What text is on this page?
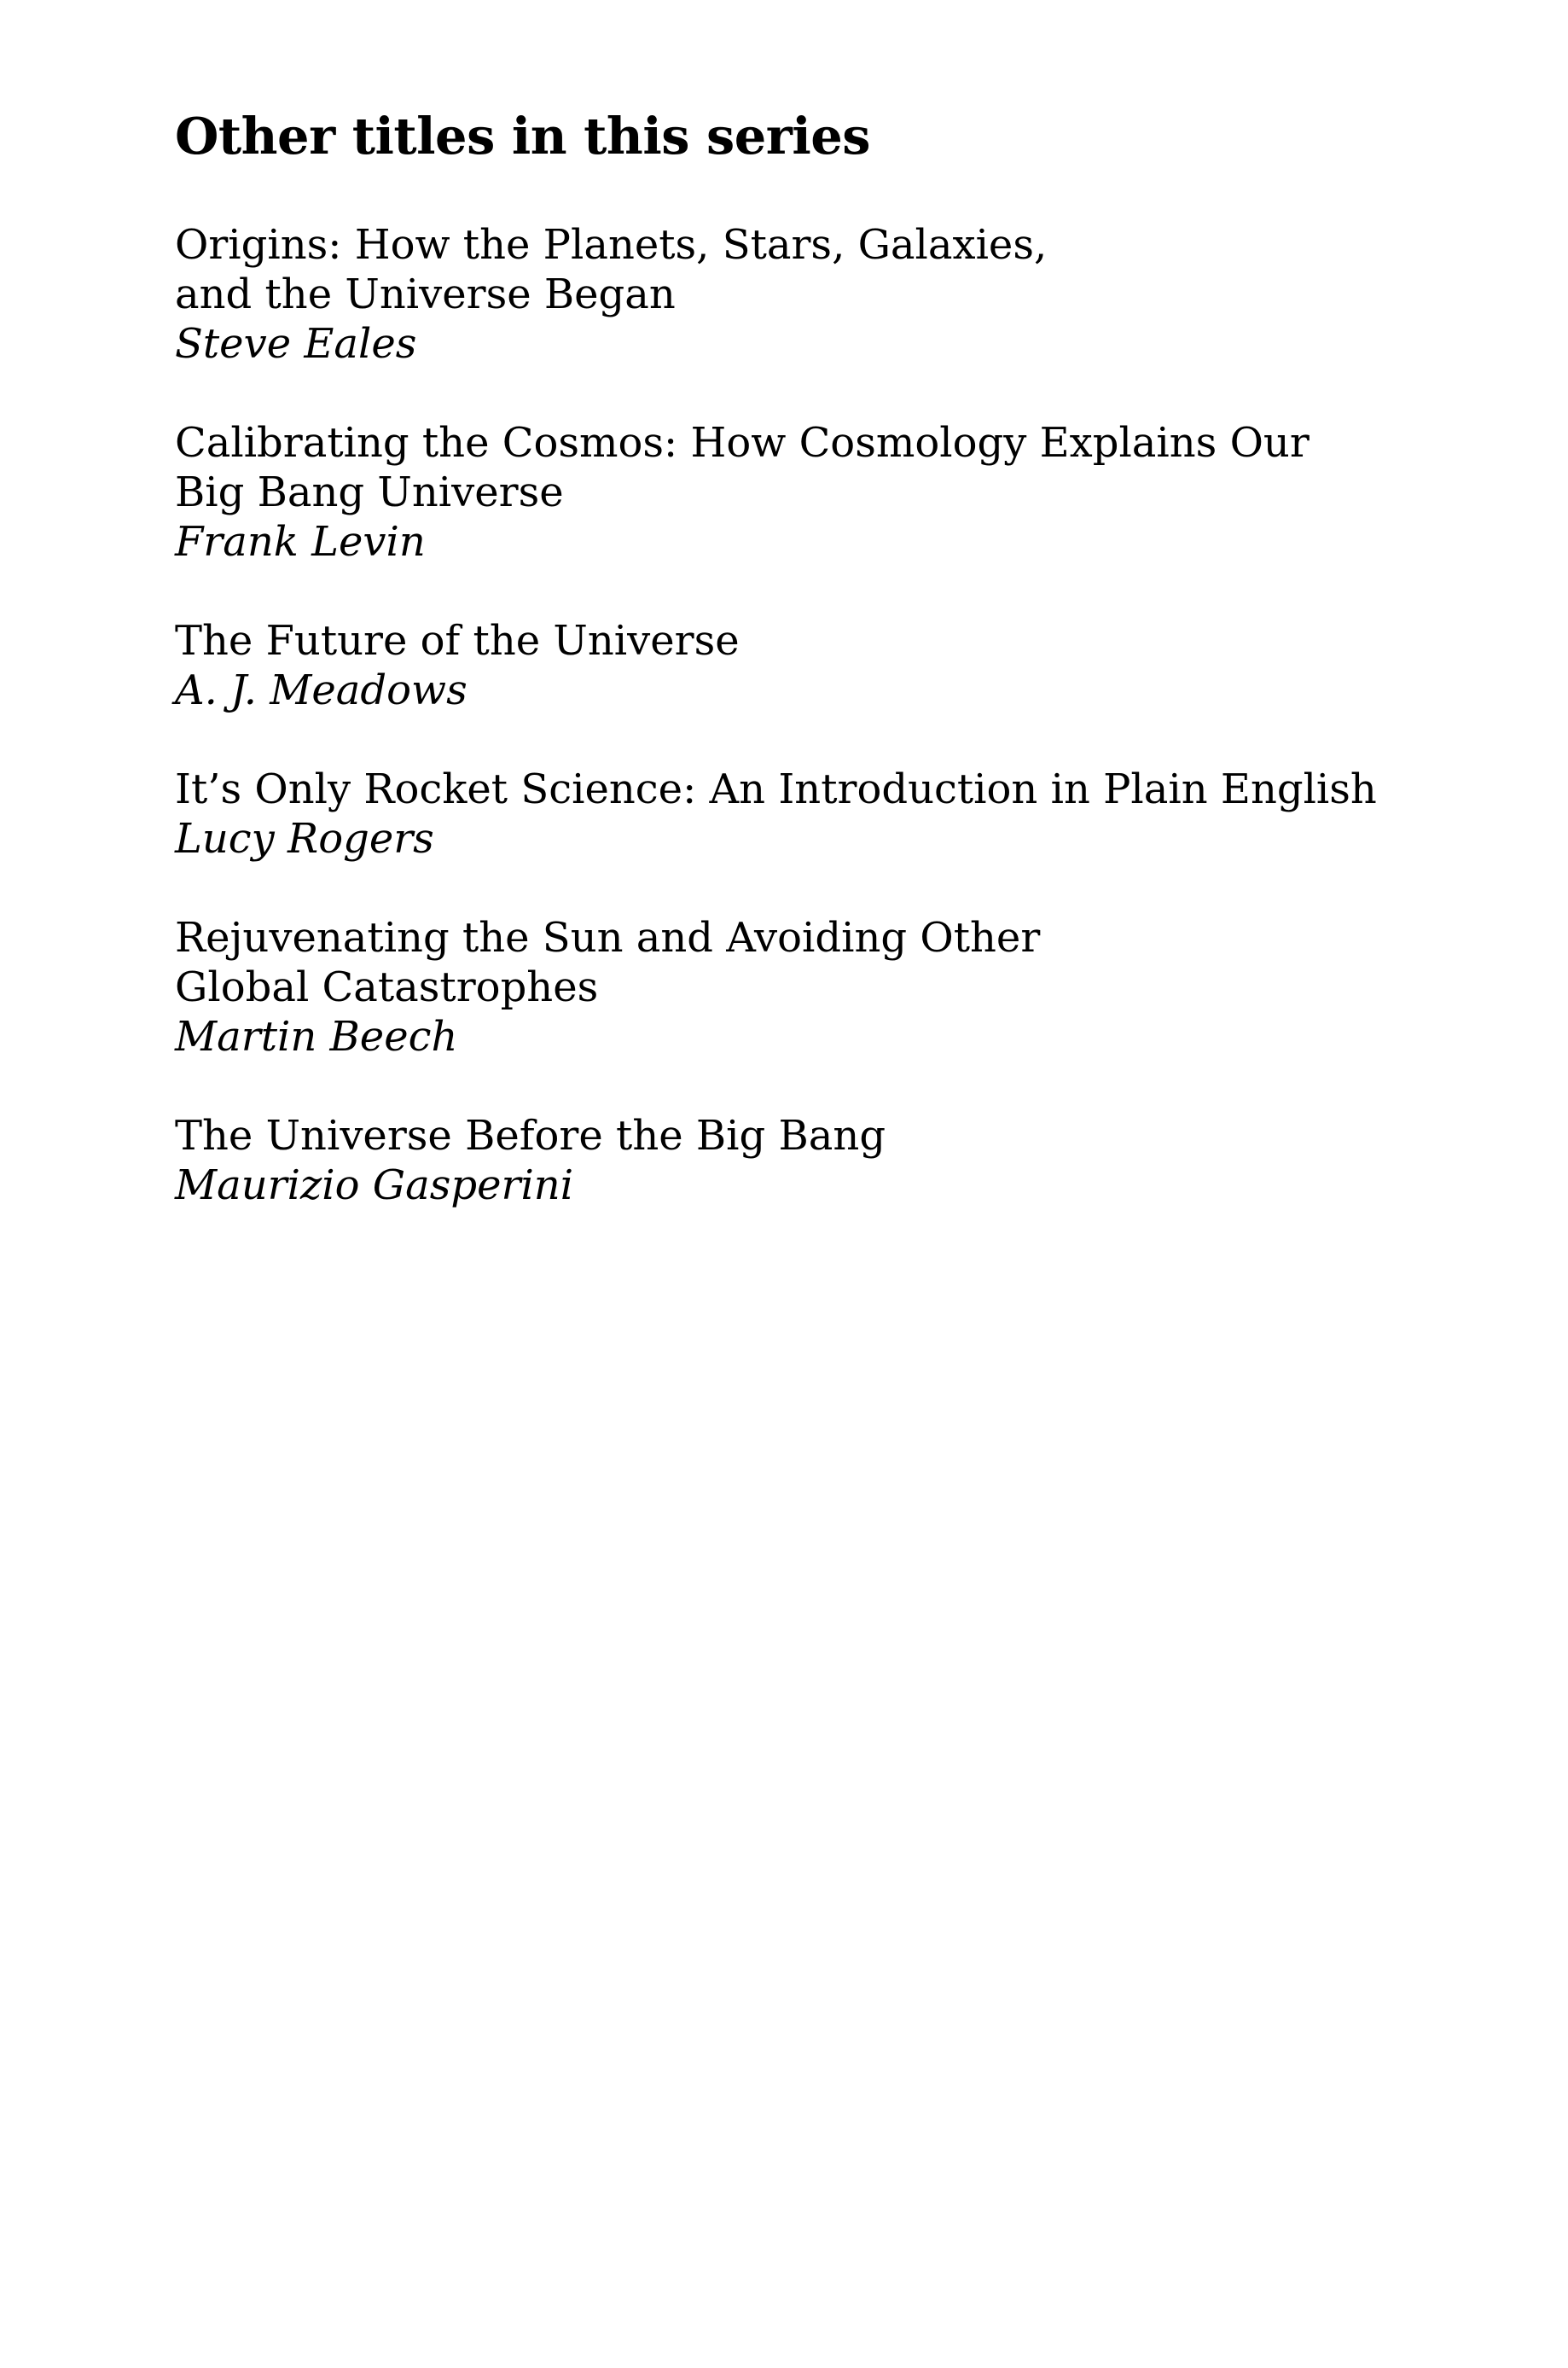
Other titles in this series

Origins: How the Planets, Stars, Galaxies,
and the Universe Began

Steve Eales

Calibrating the Cosmos: How Cosmology Explains Our
Big Bang Universe

Frank Levin

The Future of the Universe

A. J. Meadows

It’s Only Rocket Science: An Introduction in Plain English

Lucy Rogers

Rejuvenating the Sun and Avoiding Other
Global Catastrophes

Martin Beech

The Universe Before the Big Bang

Maurizio Gasperini
